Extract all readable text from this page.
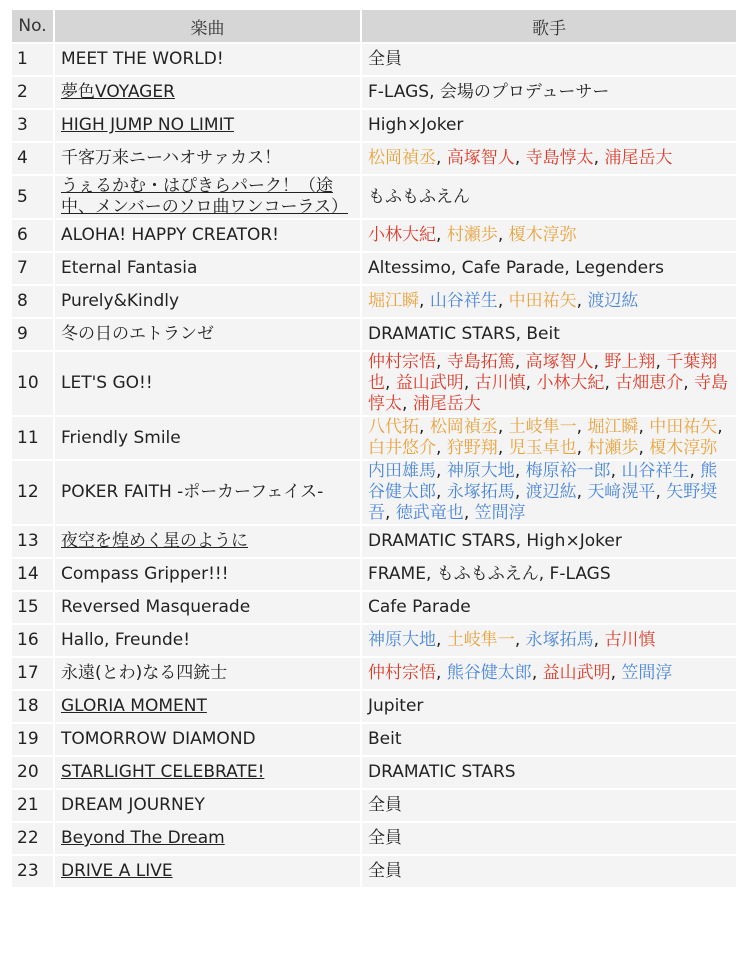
No.	楽曲	歌手
1	MEET THE WORLD!	全員
2	夢色VOYAGER	F-LAGS, 会場のプロデューサー
3	HIGH JUMP NO LIMIT	High×Joker
4	千客万来ニーハオサァカス！	松岡禎丞, 高塚智人, 寺島惇太, 浦尾岳大
5	うぇるかむ・はぴきらパーク！（途中、メンバーのソロ曲ワンコーラス）	もふもふえん
6	ALOHA! HAPPY CREATOR!	小林大紀, 村瀬歩, 榎木淳弥
7	Eternal Fantasia	Altessimo, Cafe Parade, Legenders
8	Purely&Kindly	堀江瞬, 山谷祥生, 中田祐矢, 渡辺紘
9	冬の日のエトランゼ	DRAMATIC STARS, Beit
10	LET'S GO!!	仲村宗悟, 寺島拓篤, 高塚智人, 野上翔, 千葉翔也, 益山武明, 古川慎, 小林大紀, 古畑恵介, 寺島惇太, 浦尾岳大
11	Friendly Smile	八代拓, 松岡禎丞, 土岐隼一, 堀江瞬, 中田祐矢, 白井悠介, 狩野翔, 児玉卓也, 村瀬歩, 榎木淳弥
12	POKER FAITH -ポーカーフェイス-	内田雄馬, 神原大地, 梅原裕一郎, 山谷祥生, 熊谷健太郎, 永塚拓馬, 渡辺紘, 天﨑滉平, 矢野奨吾, 徳武竜也, 笠間淳
13	夜空を煌めく星のように	DRAMATIC STARS, High×Joker
14	Compass Gripper!!!	FRAME, もふもふえん, F-LAGS
15	Reversed Masquerade	Cafe Parade
16	Hallo, Freunde!	神原大地, 土岐隼一, 永塚拓馬, 古川慎
17	永遠(とわ)なる四銃士	仲村宗悟, 熊谷健太郎, 益山武明, 笠間淳
18	GLORIA MOMENT	Jupiter
19	TOMORROW DIAMOND	Beit
20	STARLIGHT CELEBRATE!	DRAMATIC STARS
21	DREAM JOURNEY	全員
22	Beyond The Dream	全員
23	DRIVE A LIVE	全員
